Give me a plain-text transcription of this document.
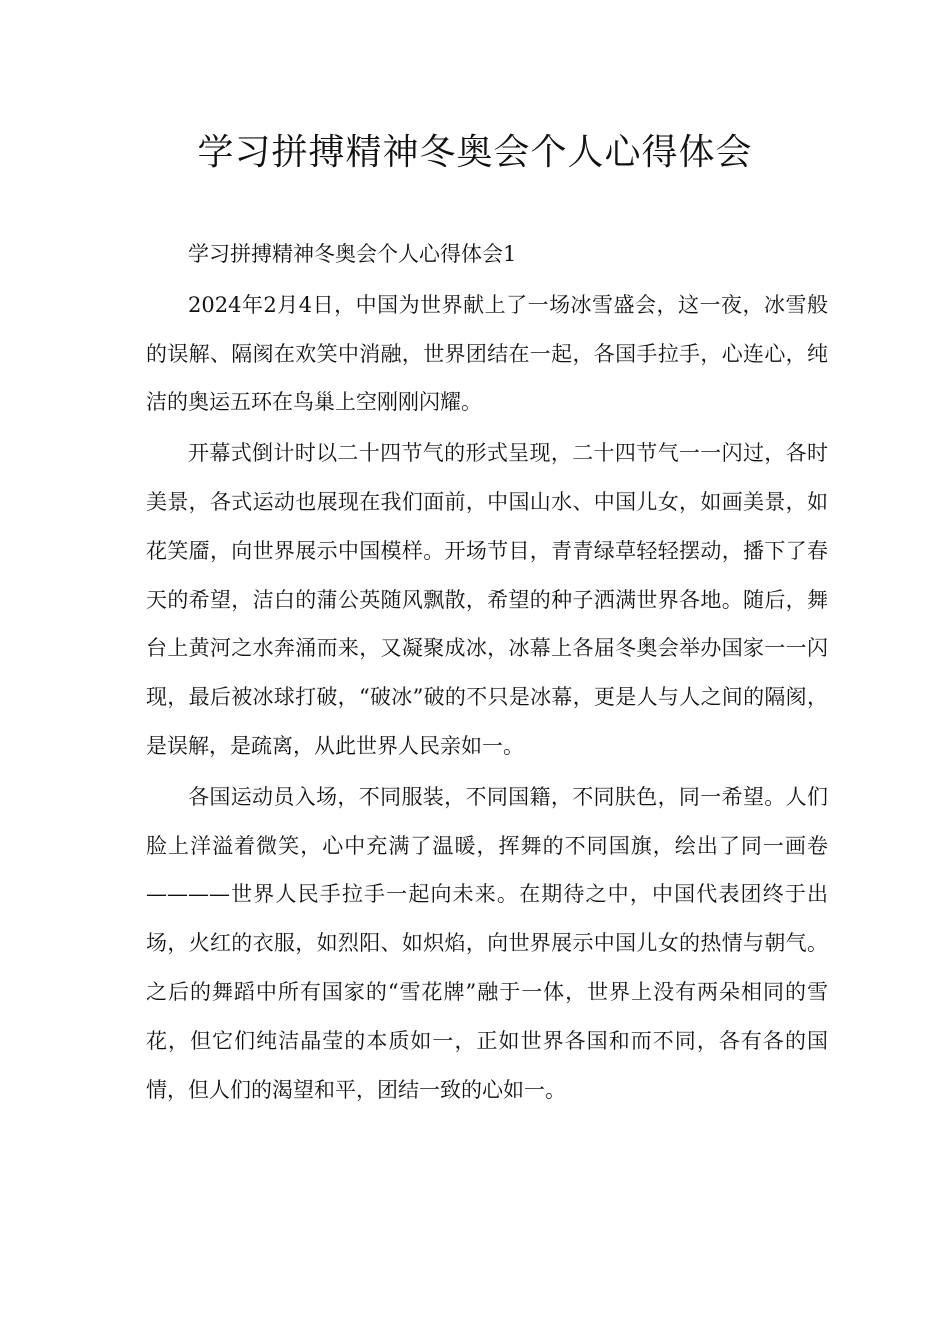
学习拼搏精神冬奥会个人心得体会

学习拼搏精神冬奥会个人心得体会1

2024年2月4日，中国为世界献上了一场冰雪盛会，这一夜，冰雪般的误解、隔阂在欢笑中消融，世界团结在一起，各国手拉手，心连心，纯洁的奥运五环在鸟巢上空刚刚闪耀。

开幕式倒计时以二十四节气的形式呈现，二十四节气一一闪过，各时美景，各式运动也展现在我们面前，中国山水、中国儿女，如画美景，如花笑靥，向世界展示中国模样。开场节目，青青绿草轻轻摆动，播下了春天的希望，洁白的蒲公英随风飘散，希望的种子洒满世界各地。随后，舞台上黄河之水奔涌而来，又凝聚成冰，冰幕上各届冬奥会举办国家一一闪现，最后被冰球打破，“破冰”破的不只是冰幕，更是人与人之间的隔阂，是误解，是疏离，从此世界人民亲如一。

各国运动员入场，不同服装，不同国籍，不同肤色，同一希望。人们脸上洋溢着微笑，心中充满了温暖，挥舞的不同国旗，绘出了同一画卷————世界人民手拉手一起向未来。在期待之中，中国代表团终于出场，火红的衣服，如烈阳、如炽焰，向世界展示中国儿女的热情与朝气。之后的舞蹈中所有国家的“雪花牌”融于一体，世界上没有两朵相同的雪花，但它们纯洁晶莹的本质如一，正如世界各国和而不同，各有各的国情，但人们的渴望和平，团结一致的心如一。
